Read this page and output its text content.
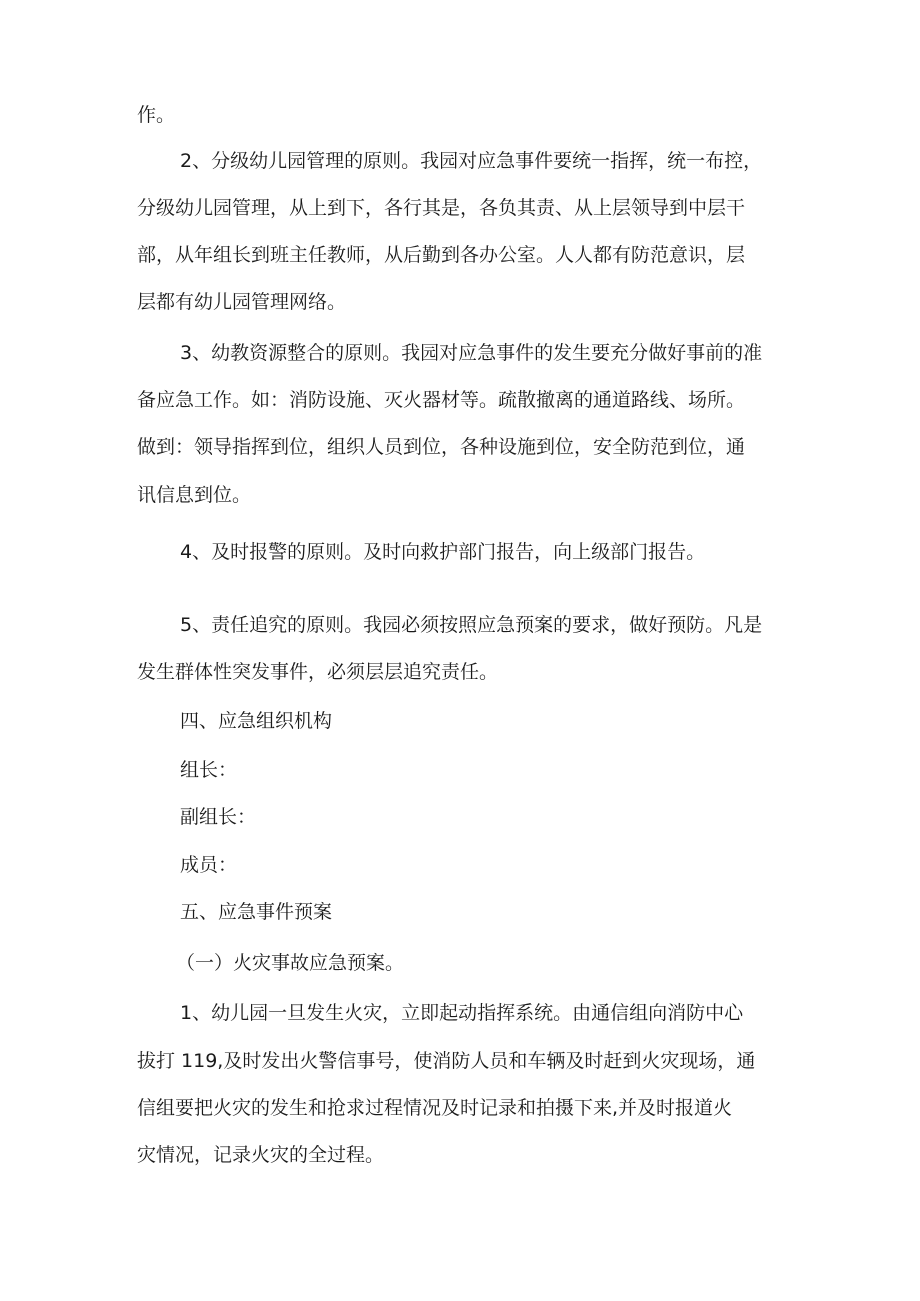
作。
2、分级幼儿园管理的原则。我园对应急事件要统一指挥，统一布控，
分级幼儿园管理，从上到下，各行其是，各负其责、从上层领导到中层干
部，从年组长到班主任教师，从后勤到各办公室。人人都有防范意识，层
层都有幼儿园管理网络。
3、幼教资源整合的原则。我园对应急事件的发生要充分做好事前的准
备应急工作。如：消防设施、灭火器材等。疏散撤离的通道路线、场所。
做到：领导指挥到位，组织人员到位，各种设施到位，安全防范到位，通
讯信息到位。
4、及时报警的原则。及时向救护部门报告，向上级部门报告。
5、责任追究的原则。我园必须按照应急预案的要求，做好预防。凡是
发生群体性突发事件，必须层层追究责任。
四、应急组织机构
组长：
副组长：
成员：
五、应急事件预案
（一）火灾事故应急预案。
1、幼儿园一旦发生火灾，立即起动指挥系统。由通信组向消防中心
拔打 119,及时发出火警信事号，使消防人员和车辆及时赶到火灾现场，通
信组要把火灾的发生和抢求过程情况及时记录和拍摄下来,并及时报道火
灾情况，记录火灾的全过程。
